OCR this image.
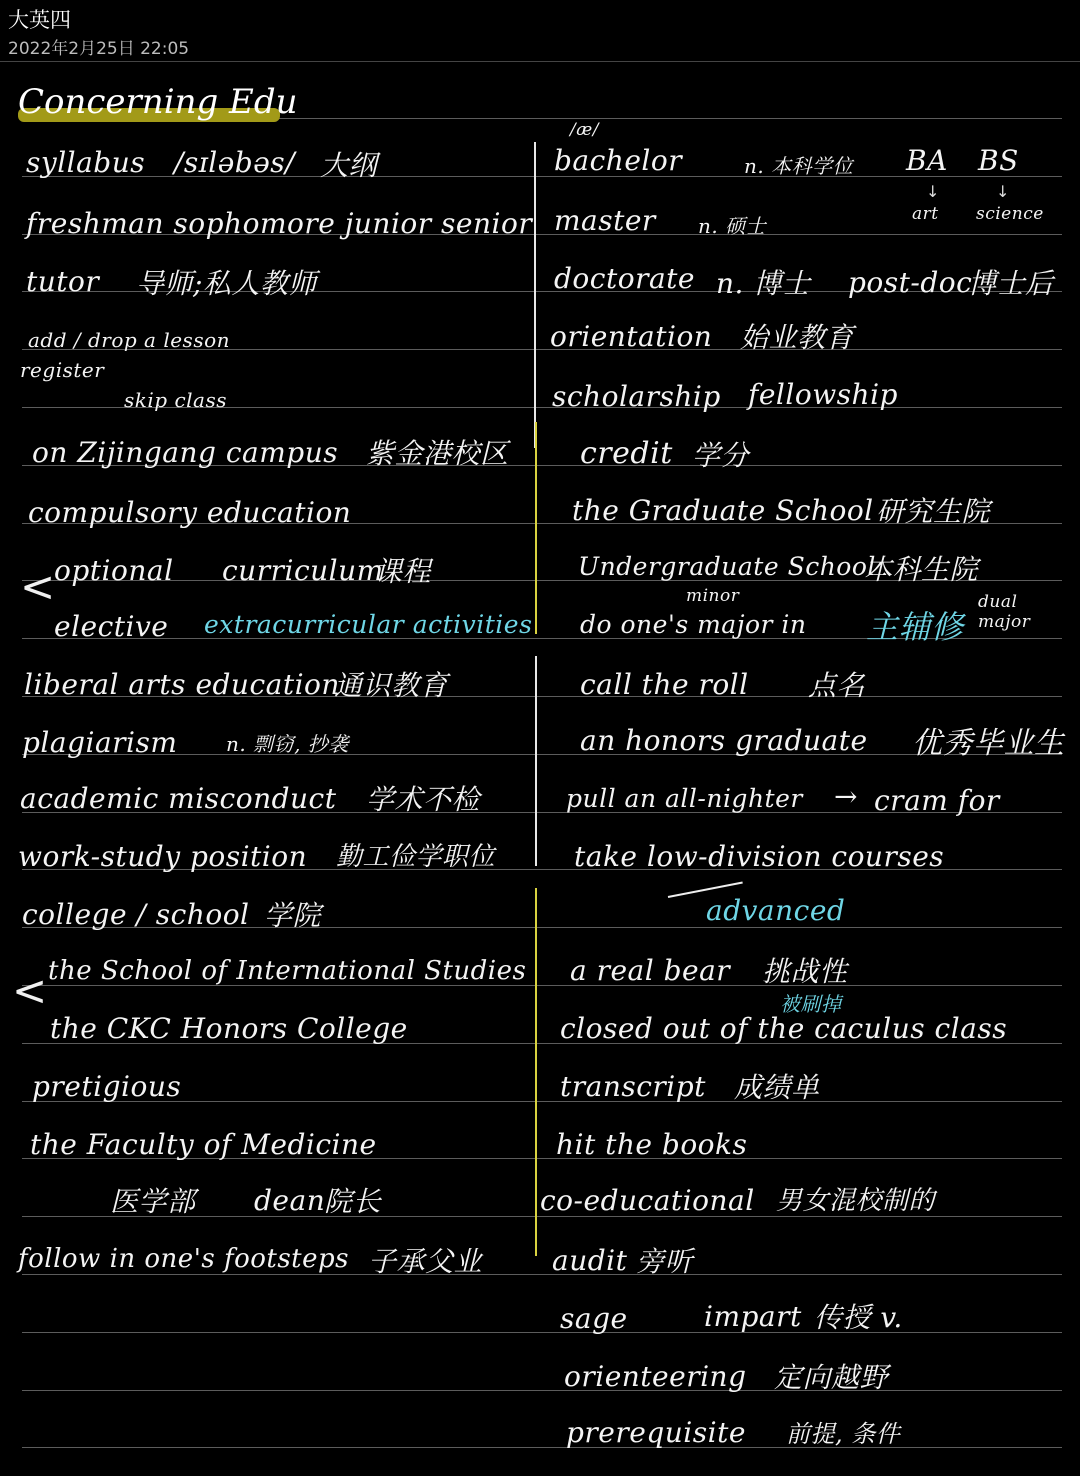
大英四
2022年2月25日 22:05
Concerning Edu
syllabus /sɪləbəs/ 大纲
freshman sophomore junior senior
tutor 导师;私人教师
add / drop a lesson
register
skip class
on Zijingang campus 紫金港校区
compulsory education
<
optional curriculum
课程
elective extracurricular activities
liberal arts education
通识教育
plagiarism n. 剽窃, 抄袭
academic misconduct 学术不检
work-study position 勤工俭学职位
college / school 学院
< the School of International Studies
the CKC Honors College
pretigious
the Faculty of Medicine
医学部 dean
院长
follow in one's footsteps 子承父业
/æ/
bachelor	n. 本科学位 BA BS
↓	↓
art science
master n. 硕士
doctorate n. 博士 post-doc
博士后
orientation 始业教育
scholarship fellowship
credit 学分
the Graduate School 研究生院
Undergraduate School
本科生院
minor
do one's major in 主辅修
dual major
call the roll 点名
an honors graduate 优秀毕业生
pull an all-nighter → cram for
take low-division courses
advanced
a real bear 挑战性
被刷掉
closed out of the caculus class
transcript 成绩单
hit the books
co-educational 男女混校制的
audit 旁听
sage	impart 传授 v.
orienteering 定向越野
prerequisite 前提, 条件
